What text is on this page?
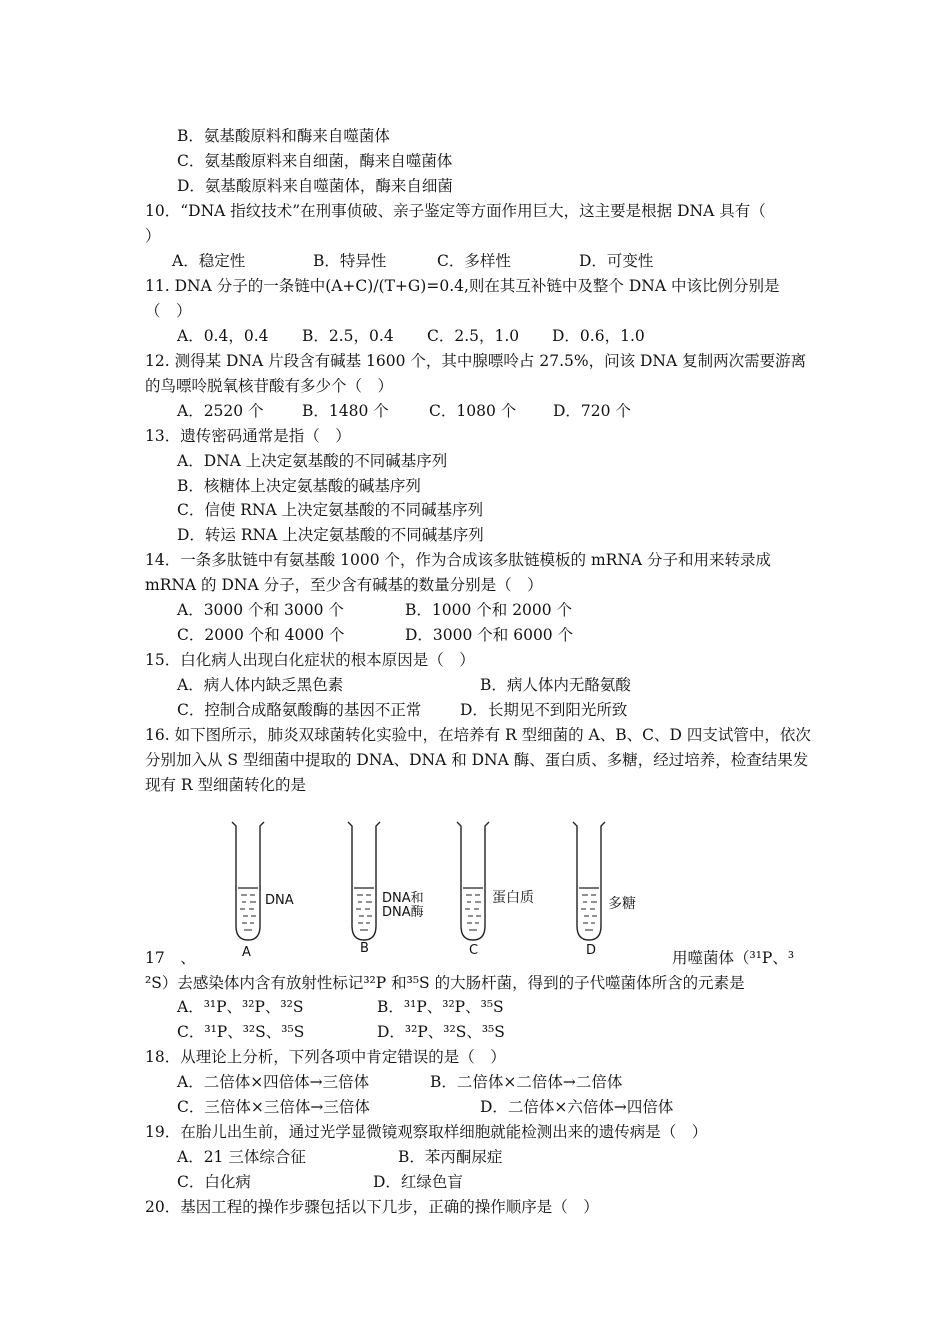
B．氨基酸原料和酶来自噬菌体
C．氨基酸原料来自细菌，酶来自噬菌体
D．氨基酸原料来自噬菌体，酶来自细菌
10．“DNA 指纹技术”在刑事侦破、亲子鉴定等方面作用巨大，这主要是根据 DNA 具有（
）
A．稳定性	B．特异性	C．多样性	D．可变性
11. DNA 分子的一条链中(A+C)/(T+G)=0.4,则在其互补链中及整个 DNA 中该比例分别是
（　）
A．0.4，0.4 B．2.5，0.4 C．2.5，1.0 D．0.6，1.0
12. 测得某 DNA 片段含有碱基 1600 个，其中腺嘌呤占 27.5%，问该 DNA 复制两次需要游离
的鸟嘌呤脱氧核苷酸有多少个（　）
A．2520 个 B．1480 个	C．1080 个 D．720 个
13．遗传密码通常是指（　）
A．DNA 上决定氨基酸的不同碱基序列
B．核糖体上决定氨基酸的碱基序列
C．信使 RNA 上决定氨基酸的不同碱基序列
D．转运 RNA 上决定氨基酸的不同碱基序列
14．一条多肽链中有氨基酸 1000 个，作为合成该多肽链模板的 mRNA 分子和用来转录成
mRNA 的 DNA 分子，至少含有碱基的数量分别是（　）
A．3000 个和 3000 个	B．1000 个和 2000 个
C．2000 个和 4000 个	D．3000 个和 6000 个
15．白化病人出现白化症状的根本原因是（　）
A．病人体内缺乏黑色素	B．病人体内无酪氨酸
C．控制合成酪氨酸酶的基因不正常 D．长期见不到阳光所致
16. 如下图所示，肺炎双球菌转化实验中，在培养有 R 型细菌的 A、B、C、D 四支试管中，依次
分别加入从 S 型细菌中提取的 DNA、DNA 和 DNA 酶、蛋白质、多糖，经过培养，检查结果发
现有 R 型细菌转化的是
DNA
A
DNA和
DNA酶
B
蛋白质
C
多糖
D
17　、	用噬菌体（³¹P、³
²S）去感染体内含有放射性标记³²P 和³⁵S 的大肠杆菌，得到的子代噬菌体所含的元素是
A．³¹P、³²P、³²S	B．³¹P、³²P、³⁵S
C．³¹P、³²S、³⁵S	D．³²P、³²S、³⁵S
18．从理论上分析，下列各项中肯定错误的是（　）
A．二倍体×四倍体→三倍体	B．二倍体×二倍体→二倍体
C．三倍体×三倍体→三倍体	D．二倍体×六倍体→四倍体
19．在胎儿出生前，通过光学显微镜观察取样细胞就能检测出来的遗传病是（　）
A．21 三体综合征	B．苯丙酮尿症
C．白化病	D．红绿色盲
20．基因工程的操作步骤包括以下几步，正确的操作顺序是（　）
